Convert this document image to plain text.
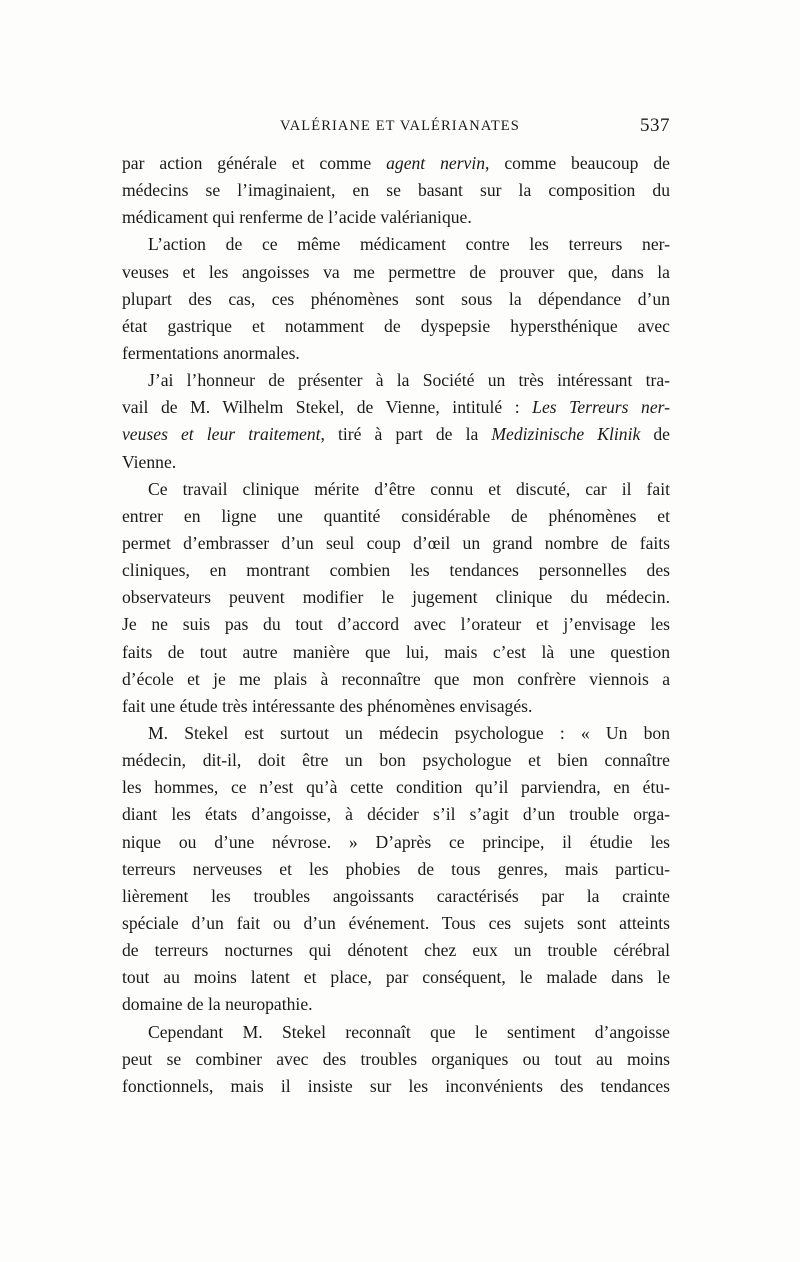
VALÉRIANE ET VALÉRIANATES	537
par action générale et comme agent nervin, comme beaucoup de
médecins se l’imaginaient, en se basant sur la composition du
médicament qui renferme de l’acide valérianique.
L’action de ce même médicament contre les terreurs ner-
veuses et les angoisses va me permettre de prouver que, dans la
plupart des cas, ces phénomènes sont sous la dépendance d’un
état gastrique et notamment de dyspepsie hypersthénique avec
fermentations anormales.
J’ai l’honneur de présenter à la Société un très intéressant tra-
vail de M. Wilhelm Stekel, de Vienne, intitulé : Les Terreurs ner-
veuses et leur traitement, tiré à part de la Medizinische Klinik de
Vienne.
Ce travail clinique mérite d’être connu et discuté, car il fait
entrer en ligne une quantité considérable de phénomènes et
permet d’embrasser d’un seul coup d’œil un grand nombre de faits
cliniques, en montrant combien les tendances personnelles des
observateurs peuvent modifier le jugement clinique du médecin.
Je ne suis pas du tout d’accord avec l’orateur et j’envisage les
faits de tout autre manière que lui, mais c’est là une question
d’école et je me plais à reconnaître que mon confrère viennois a
fait une étude très intéressante des phénomènes envisagés.
M. Stekel est surtout un médecin psychologue : « Un bon
médecin, dit-il, doit être un bon psychologue et bien connaître
les hommes, ce n’est qu’à cette condition qu’il parviendra, en étu-
diant les états d’angoisse, à décider s’il s’agit d’un trouble orga-
nique ou d’une névrose. » D’après ce principe, il étudie les
terreurs nerveuses et les phobies de tous genres, mais particu-
lièrement les troubles angoissants caractérisés par la crainte
spéciale d’un fait ou d’un événement. Tous ces sujets sont atteints
de terreurs nocturnes qui dénotent chez eux un trouble cérébral
tout au moins latent et place, par conséquent, le malade dans le
domaine de la neuropathie.
Cependant M. Stekel reconnaît que le sentiment d’angoisse
peut se combiner avec des troubles organiques ou tout au moins
fonctionnels, mais il insiste sur les inconvénients des tendances
